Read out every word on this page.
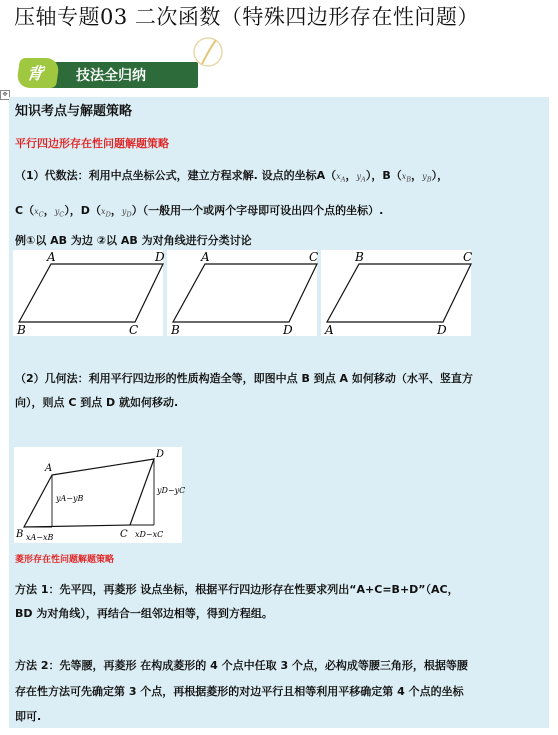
压轴专题03 二次函数（特殊四边形存在性问题）
背 技法全归纳
✥
知识考点与解题策略
平行四边形存在性问题解题策略
（1）代数法：利用中点坐标公式，建立方程求解. 设点的坐标$A(x_A$，$y_A$），$B(x_B$，$y_B$），
$C(x_C$，$y_C$），$D(x_D$，$y_D$）（一般用一个或两个字母即可设出四个点的坐标）.
例①以 AB 为边 ②以 AB 为对角线进行分类讨论
A	D
B	C
A	C
B	D
B	C
A	D
（2）几何法：利用平行四边形的性质构造全等，即图中点 B 到点 A 如何移动（水平、竖直方
向），则点 C 到点 D 就如何移动.
A
D
B	C
yA−yB
yD−yC
xA−xB	xD−xC
菱形存在性问题解题策略
方法 1：先平四，再菱形 设点坐标，根据平行四边形存在性要求列出“A+C=B+D”（AC，
BD 为对角线），再结合一组邻边相等，得到方程组。
方法 2：先等腰，再菱形 在构成菱形的 4 个点中任取 3 个点，必构成等腰三角形，根据等腰
存在性方法可先确定第 3 个点，再根据菱形的对边平行且相等利用平移确定第 4 个点的坐标
即可.
